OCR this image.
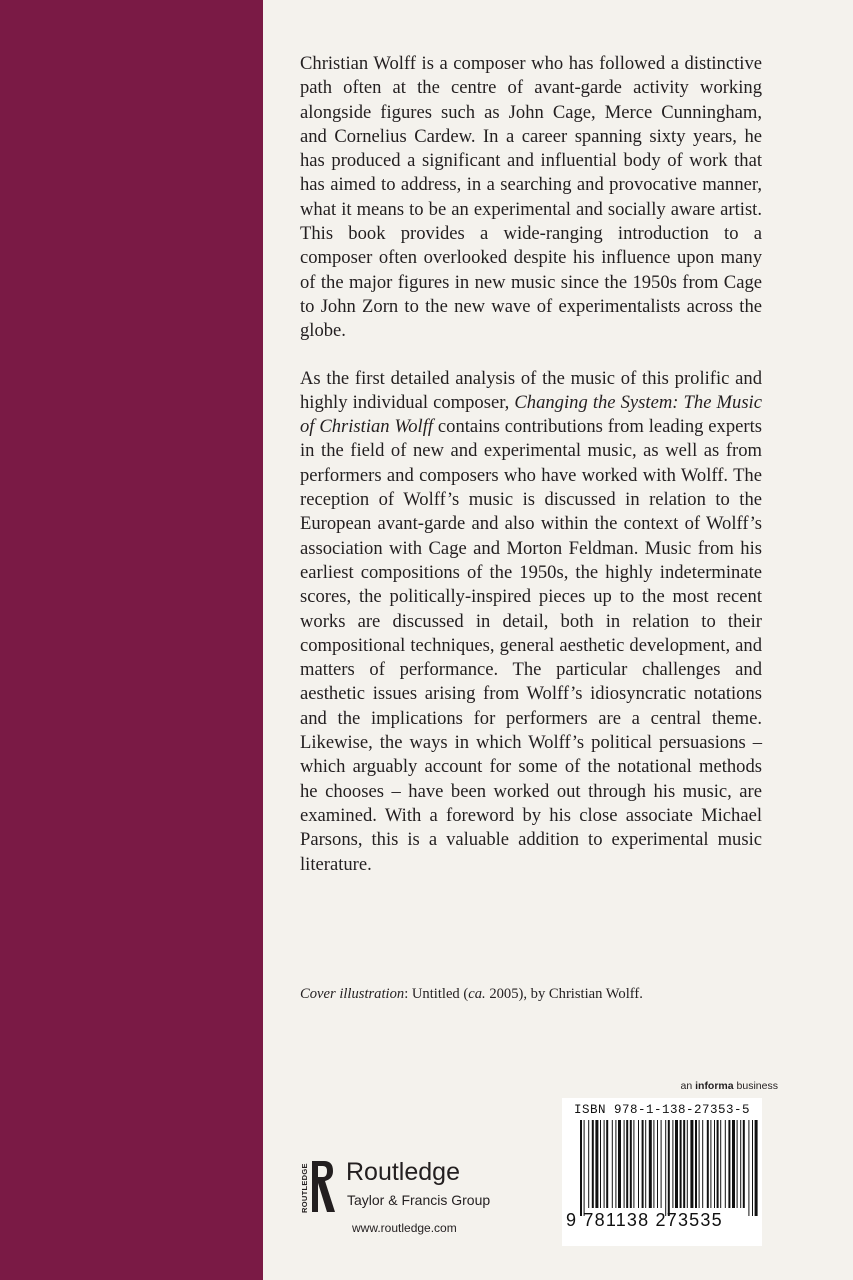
Christian Wolff is a composer who has followed a distinctive path often at the centre of avant-garde activity working alongside figures such as John Cage, Merce Cunningham, and Cornelius Cardew. In a career spanning sixty years, he has produced a significant and influential body of work that has aimed to address, in a searching and provocative manner, what it means to be an experimental and socially aware artist. This book provides a wide-ranging introduction to a composer often overlooked despite his influence upon many of the major figures in new music since the 1950s from Cage to John Zorn to the new wave of experimentalists across the globe.

As the first detailed analysis of the music of this prolific and highly individual composer, Changing the System: The Music of Christian Wolff contains contributions from leading experts in the field of new and experimental music, as well as from performers and composers who have worked with Wolff. The reception of Wolff’s music is discussed in relation to the European avant-garde and also within the context of Wolff’s association with Cage and Morton Feldman. Music from his earliest compositions of the 1950s, the highly indeterminate scores, the politically-inspired pieces up to the most recent works are discussed in detail, both in relation to their compositional techniques, general aesthetic development, and matters of performance. The particular challenges and aesthetic issues arising from Wolff’s idiosyncratic notations and the implications for performers are a central theme. Likewise, the ways in which Wolff’s political persuasions – which arguably account for some of the notational methods he chooses – have been worked out through his music, are examined. With a foreword by his close associate Michael Parsons, this is a valuable addition to experimental music literature.

Cover illustration: Untitled (ca. 2005), by Christian Wolff.
an informa business
ROUTLEDGE Routledge
Taylor & Francis Group
www.routledge.com
ISBN 978-1-138-27353-5
9 781138 273535
